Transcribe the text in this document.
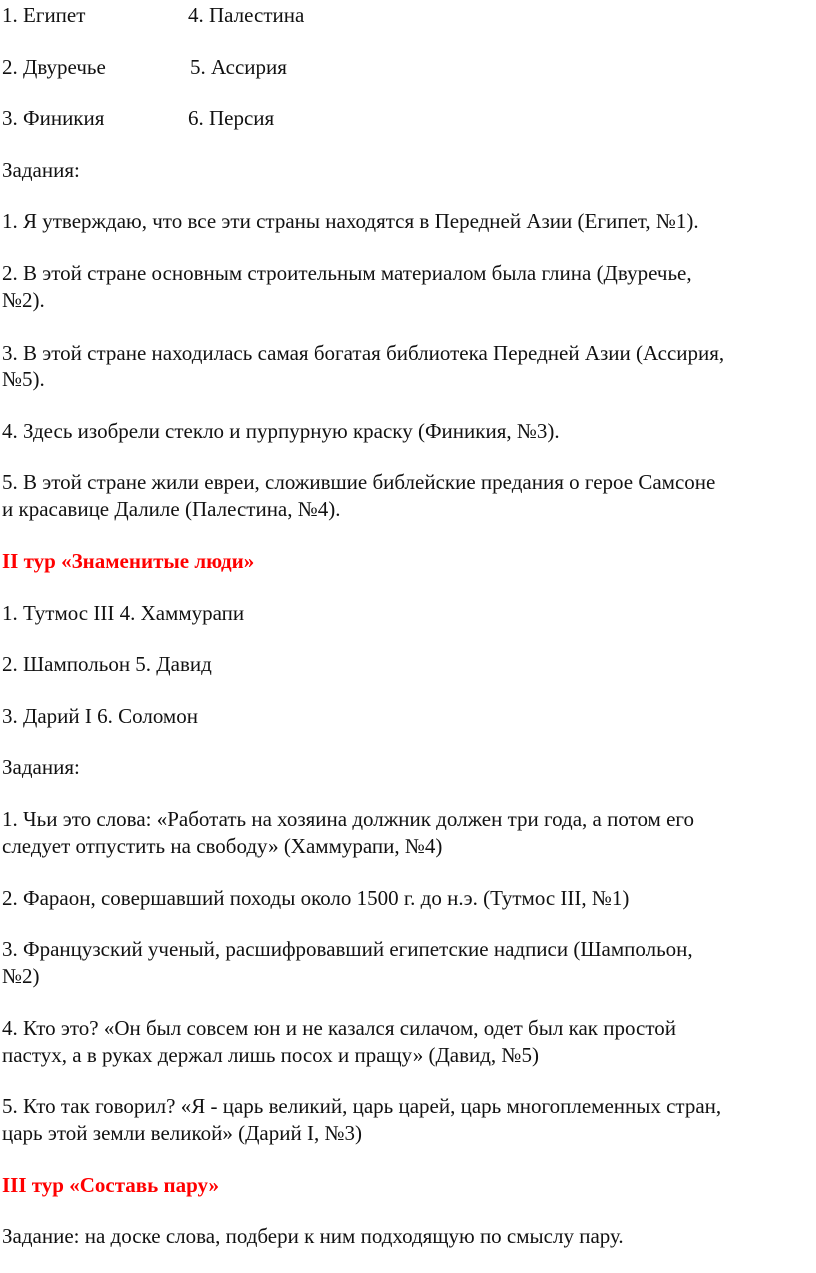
1. Египет	4. Палестина
2. Двуречье	5. Ассирия
3. Финикия	6. Персия
Задания:
1. Я утверждаю, что все эти страны находятся в Передней Азии (Египет, №1).
2. В этой стране основным строительным материалом была глина (Двуречье,
№2).
3. В этой стране находилась самая богатая библиотека Передней Азии (Ассирия,
№5).
4. Здесь изобрели стекло и пурпурную краску (Финикия, №3).
5. В этой стране жили евреи, сложившие библейские предания о герое Самсоне
и красавице Далиле (Палестина, №4).
II тур «Знаменитые люди»
1. Тутмос III 4. Хаммурапи
2. Шампольон 5. Давид
3. Дарий I 6. Соломон
Задания:
1. Чьи это слова: «Работать на хозяина должник должен три года, а потом его
следует отпустить на свободу» (Хаммурапи, №4)
2. Фараон, совершавший походы около 1500 г. до н.э. (Тутмос III, №1)
3. Французский ученый, расшифровавший египетские надписи (Шампольон,
№2)
4. Кто это? «Он был совсем юн и не казался силачом, одет был как простой
пастух, а в руках держал лишь посох и пращу» (Давид, №5)
5. Кто так говорил? «Я - царь великий, царь царей, царь многоплеменных стран,
царь этой земли великой» (Дарий I, №3)
III тур «Составь пару»
Задание: на доске слова, подбери к ним подходящую по смыслу пару.
